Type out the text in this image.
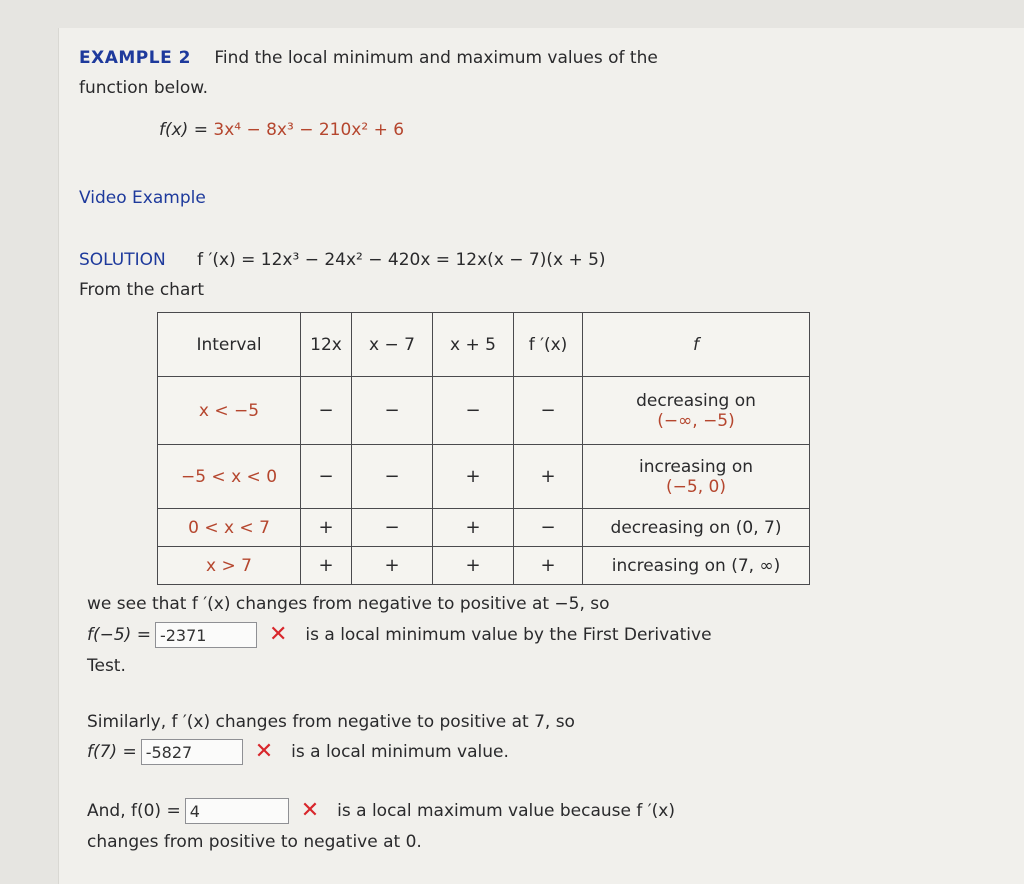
EXAMPLE 2 Find the local minimum and maximum values of the
function below.
f(x) = 3x⁴ − 8x³ − 210x² + 6
Video Example
SOLUTION f ′(x) = 12x³ − 24x² − 420x = 12x(x − 7)(x + 5)
From the chart
Interval	12x	x − 7	x + 5	f ′(x)	f
x < −5	−	−	−	−	decreasing on
(−∞, −5)

−5 < x < 0	−	−	+	+	increasing on
(−5, 0)

0 < x < 7	+	−	+	−	decreasing on (0, 7)

x > 7	+	+	+	+	increasing on (7, ∞)
we see that f ′(x) changes from negative to positive at −5, so
f(−5) = -2371	✕ is a local minimum value by the First Derivative
Test.
Similarly, f ′(x) changes from negative to positive at 7, so
f(7) = -5827	✕ is a local minimum value.
And, f(0) = 4	✕ is a local maximum value because f ′(x)
changes from positive to negative at 0.
